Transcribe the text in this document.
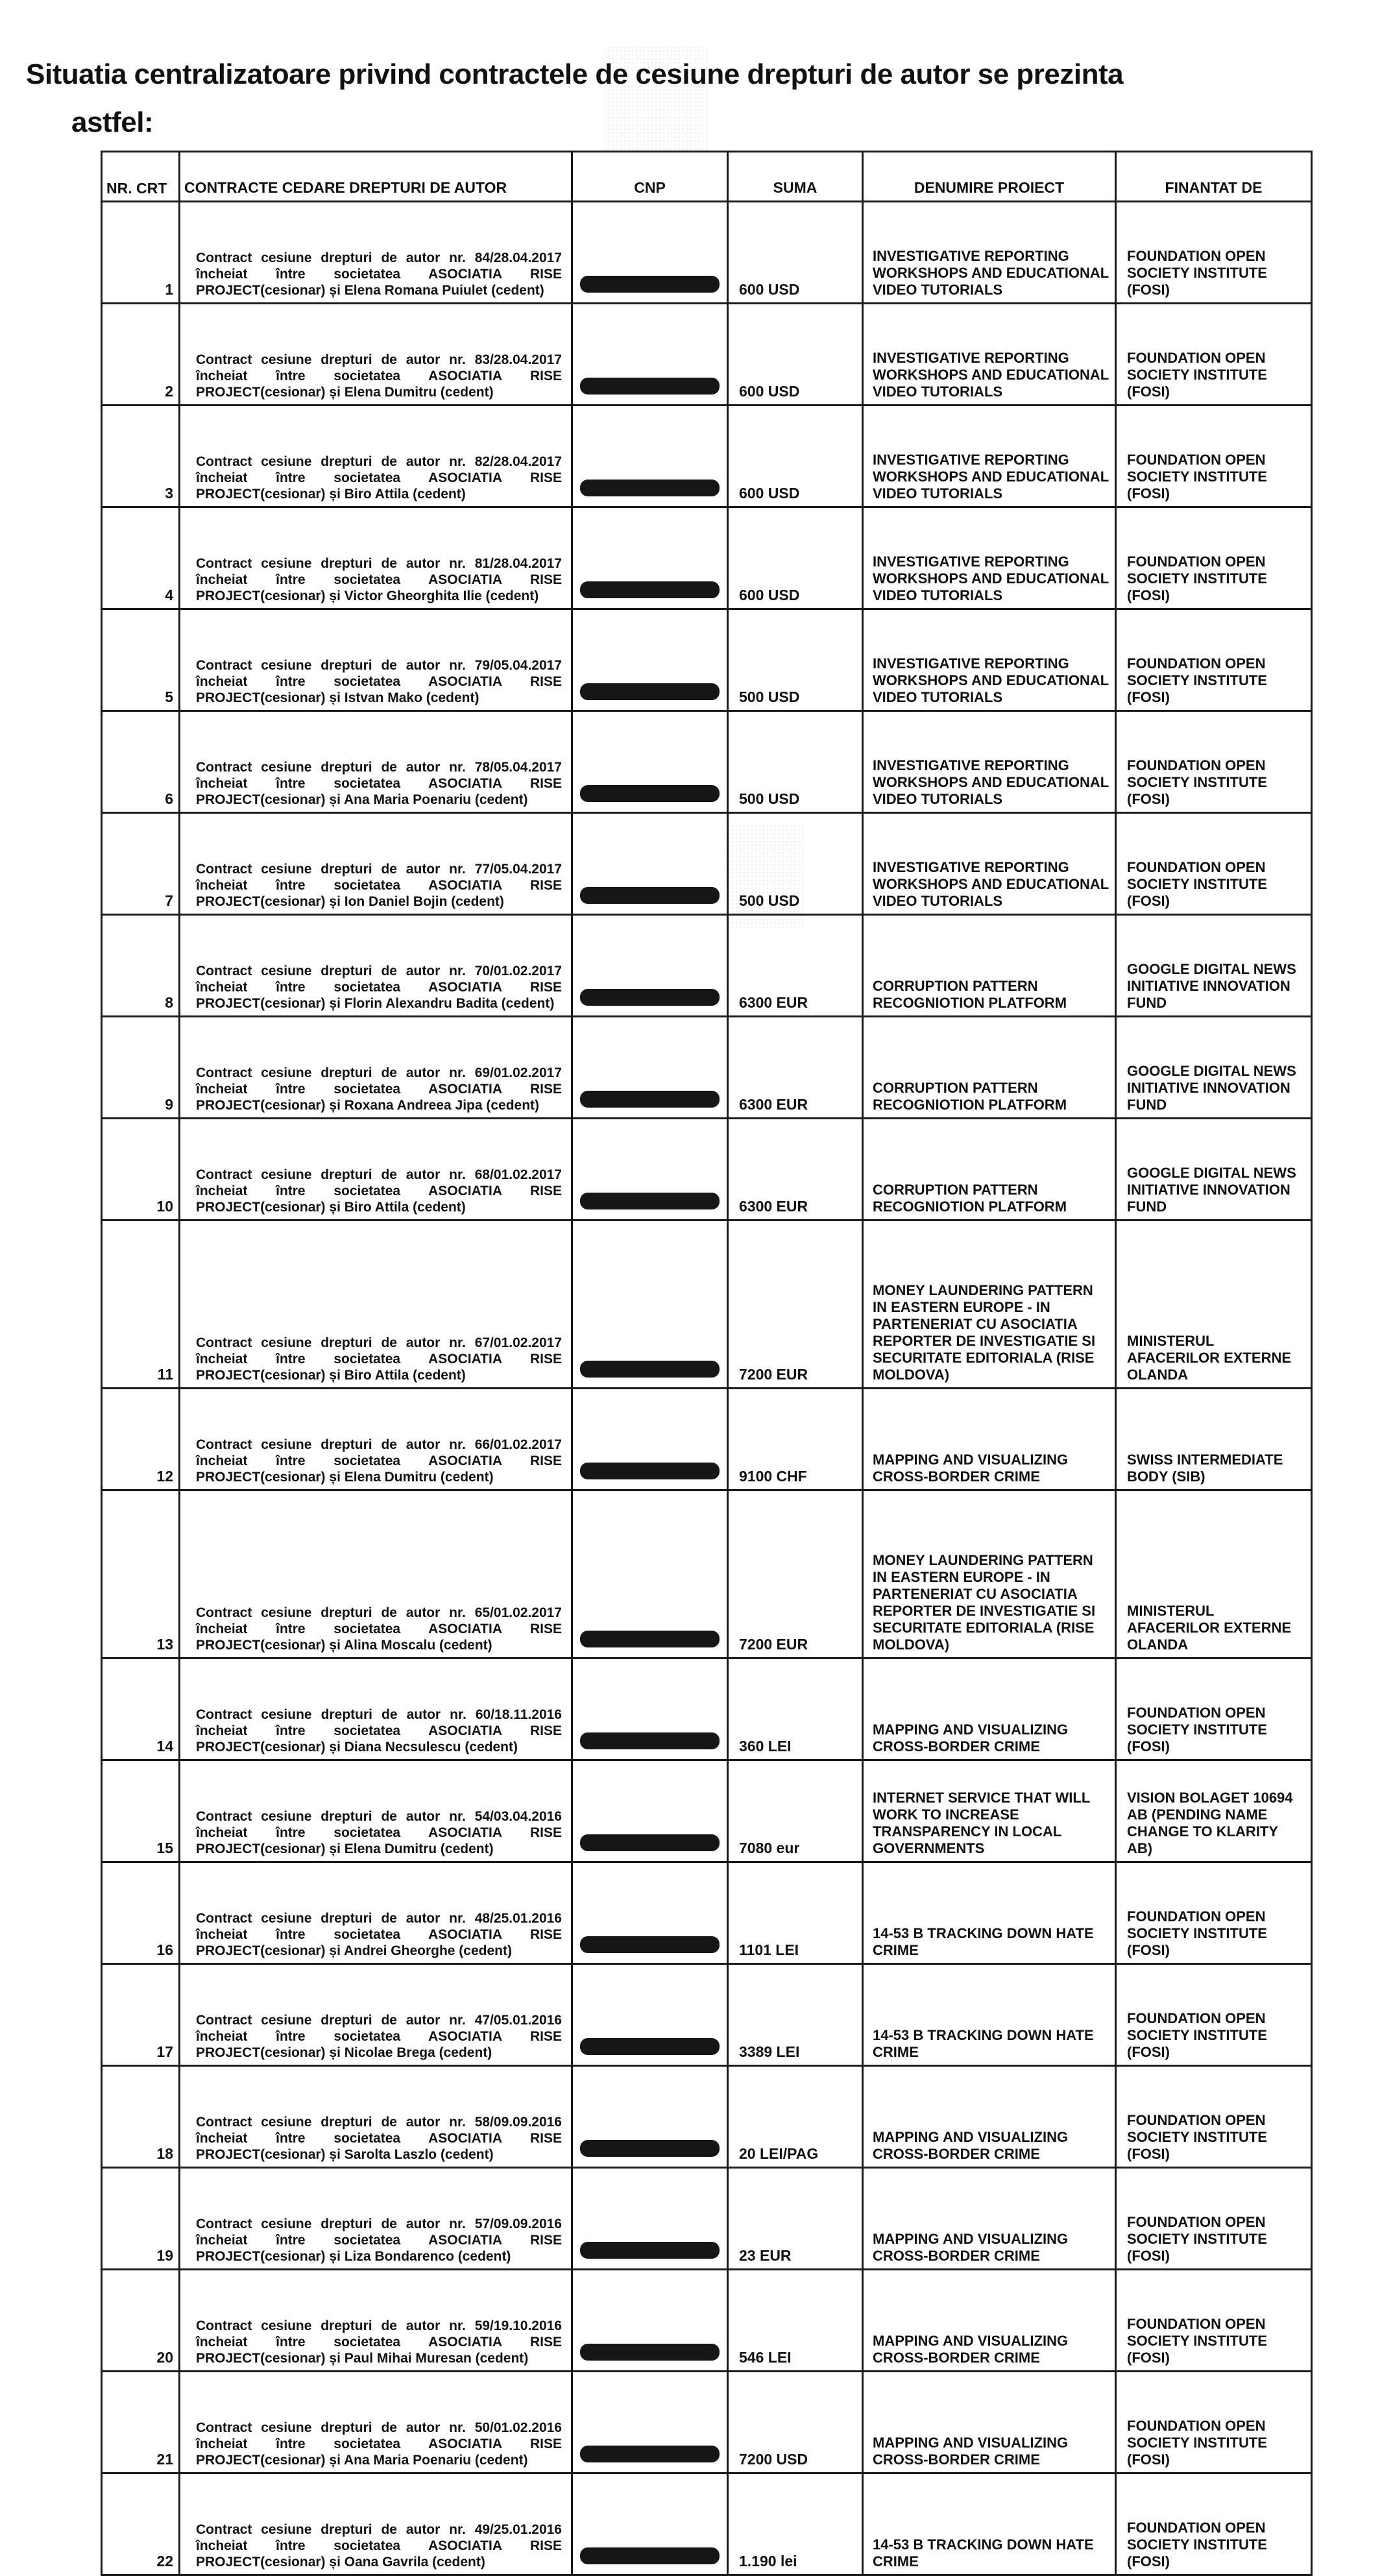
Situatia centralizatoare privind contractele de cesiune drepturi de autor se prezinta
astfel:
NR. CRT	CONTRACTE CEDARE DREPTURI DE AUTOR	CNP	SUMA	DENUMIRE PROIECT	FINANTAT DE
1	Contract cesiune drepturi de autor nr. 84/28.04.2017 încheiat între societatea ASOCIATIA RISE PROJECT(cesionar) și Elena Romana Puiulet (cedent)		600 USD	INVESTIGATIVE REPORTING WORKSHOPS AND EDUCATIONAL VIDEO TUTORIALS	FOUNDATION OPEN SOCIETY INSTITUTE (FOSI)
2	Contract cesiune drepturi de autor nr. 83/28.04.2017 încheiat între societatea ASOCIATIA RISE PROJECT(cesionar) și Elena Dumitru (cedent)		600 USD	INVESTIGATIVE REPORTING WORKSHOPS AND EDUCATIONAL VIDEO TUTORIALS	FOUNDATION OPEN SOCIETY INSTITUTE (FOSI)
3	Contract cesiune drepturi de autor nr. 82/28.04.2017 încheiat între societatea ASOCIATIA RISE PROJECT(cesionar) și Biro Attila (cedent)		600 USD	INVESTIGATIVE REPORTING WORKSHOPS AND EDUCATIONAL VIDEO TUTORIALS	FOUNDATION OPEN SOCIETY INSTITUTE (FOSI)
4	Contract cesiune drepturi de autor nr. 81/28.04.2017 încheiat între societatea ASOCIATIA RISE PROJECT(cesionar) și Victor Gheorghita Ilie (cedent)		600 USD	INVESTIGATIVE REPORTING WORKSHOPS AND EDUCATIONAL VIDEO TUTORIALS	FOUNDATION OPEN SOCIETY INSTITUTE (FOSI)
5	Contract cesiune drepturi de autor nr. 79/05.04.2017 încheiat între societatea ASOCIATIA RISE PROJECT(cesionar) și Istvan Mako (cedent)		500 USD	INVESTIGATIVE REPORTING WORKSHOPS AND EDUCATIONAL VIDEO TUTORIALS	FOUNDATION OPEN SOCIETY INSTITUTE (FOSI)
6	Contract cesiune drepturi de autor nr. 78/05.04.2017 încheiat între societatea ASOCIATIA RISE PROJECT(cesionar) și Ana Maria Poenariu (cedent)		500 USD	INVESTIGATIVE REPORTING WORKSHOPS AND EDUCATIONAL VIDEO TUTORIALS	FOUNDATION OPEN SOCIETY INSTITUTE (FOSI)
7	Contract cesiune drepturi de autor nr. 77/05.04.2017 încheiat între societatea ASOCIATIA RISE PROJECT(cesionar) și Ion Daniel Bojin (cedent)		500 USD	INVESTIGATIVE REPORTING WORKSHOPS AND EDUCATIONAL VIDEO TUTORIALS	FOUNDATION OPEN SOCIETY INSTITUTE (FOSI)
8	Contract cesiune drepturi de autor nr. 70/01.02.2017 încheiat între societatea ASOCIATIA RISE PROJECT(cesionar) și Florin Alexandru Badita (cedent)		6300 EUR	CORRUPTION PATTERN RECOGNIOTION PLATFORM	GOOGLE DIGITAL NEWS INITIATIVE INNOVATION FUND
9	Contract cesiune drepturi de autor nr. 69/01.02.2017 încheiat între societatea ASOCIATIA RISE PROJECT(cesionar) și Roxana Andreea Jipa (cedent)		6300 EUR	CORRUPTION PATTERN RECOGNIOTION PLATFORM	GOOGLE DIGITAL NEWS INITIATIVE INNOVATION FUND
10	Contract cesiune drepturi de autor nr. 68/01.02.2017 încheiat între societatea ASOCIATIA RISE PROJECT(cesionar) și Biro Attila (cedent)		6300 EUR	CORRUPTION PATTERN RECOGNIOTION PLATFORM	GOOGLE DIGITAL NEWS INITIATIVE INNOVATION FUND
11	Contract cesiune drepturi de autor nr. 67/01.02.2017 încheiat între societatea ASOCIATIA RISE PROJECT(cesionar) și Biro Attila (cedent)		7200 EUR	MONEY LAUNDERING PATTERN IN EASTERN EUROPE - IN PARTENERIAT CU ASOCIATIA REPORTER DE INVESTIGATIE SI SECURITATE EDITORIALA (RISE MOLDOVA)	MINISTERUL AFACERILOR EXTERNE OLANDA
12	Contract cesiune drepturi de autor nr. 66/01.02.2017 încheiat între societatea ASOCIATIA RISE PROJECT(cesionar) și Elena Dumitru (cedent)		9100 CHF	MAPPING AND VISUALIZING CROSS-BORDER CRIME	SWISS INTERMEDIATE BODY (SIB)
13	Contract cesiune drepturi de autor nr. 65/01.02.2017 încheiat între societatea ASOCIATIA RISE PROJECT(cesionar) și Alina Moscalu (cedent)		7200 EUR	MONEY LAUNDERING PATTERN IN EASTERN EUROPE - IN PARTENERIAT CU ASOCIATIA REPORTER DE INVESTIGATIE SI SECURITATE EDITORIALA (RISE MOLDOVA)	MINISTERUL AFACERILOR EXTERNE OLANDA
14	Contract cesiune drepturi de autor nr. 60/18.11.2016 încheiat între societatea ASOCIATIA RISE PROJECT(cesionar) și Diana Necsulescu (cedent)		360 LEI	MAPPING AND VISUALIZING CROSS-BORDER CRIME	FOUNDATION OPEN SOCIETY INSTITUTE (FOSI)
15	Contract cesiune drepturi de autor nr. 54/03.04.2016 încheiat între societatea ASOCIATIA RISE PROJECT(cesionar) și Elena Dumitru (cedent)		7080 eur	INTERNET SERVICE THAT WILL WORK TO INCREASE TRANSPARENCY IN LOCAL GOVERNMENTS	VISION BOLAGET 10694 AB (PENDING NAME CHANGE TO KLARITY AB)
16	Contract cesiune drepturi de autor nr. 48/25.01.2016 încheiat între societatea ASOCIATIA RISE PROJECT(cesionar) și Andrei Gheorghe (cedent)		1101 LEI	14-53 B TRACKING DOWN HATE CRIME	FOUNDATION OPEN SOCIETY INSTITUTE (FOSI)
17	Contract cesiune drepturi de autor nr. 47/05.01.2016 încheiat între societatea ASOCIATIA RISE PROJECT(cesionar) și Nicolae Brega (cedent)		3389 LEI	14-53 B TRACKING DOWN HATE CRIME	FOUNDATION OPEN SOCIETY INSTITUTE (FOSI)
18	Contract cesiune drepturi de autor nr. 58/09.09.2016 încheiat între societatea ASOCIATIA RISE PROJECT(cesionar) și Sarolta Laszlo (cedent)		20 LEI/PAG	MAPPING AND VISUALIZING CROSS-BORDER CRIME	FOUNDATION OPEN SOCIETY INSTITUTE (FOSI)
19	Contract cesiune drepturi de autor nr. 57/09.09.2016 încheiat între societatea ASOCIATIA RISE PROJECT(cesionar) și Liza Bondarenco (cedent)		23 EUR	MAPPING AND VISUALIZING CROSS-BORDER CRIME	FOUNDATION OPEN SOCIETY INSTITUTE (FOSI)
20	Contract cesiune drepturi de autor nr. 59/19.10.2016 încheiat între societatea ASOCIATIA RISE PROJECT(cesionar) și Paul Mihai Muresan (cedent)		546 LEI	MAPPING AND VISUALIZING CROSS-BORDER CRIME	FOUNDATION OPEN SOCIETY INSTITUTE (FOSI)
21	Contract cesiune drepturi de autor nr. 50/01.02.2016 încheiat între societatea ASOCIATIA RISE PROJECT(cesionar) și Ana Maria Poenariu (cedent)		7200 USD	MAPPING AND VISUALIZING CROSS-BORDER CRIME	FOUNDATION OPEN SOCIETY INSTITUTE (FOSI)
22	Contract cesiune drepturi de autor nr. 49/25.01.2016 încheiat între societatea ASOCIATIA RISE PROJECT(cesionar) și Oana Gavrila (cedent)		1.190 lei	14-53 B TRACKING DOWN HATE CRIME	FOUNDATION OPEN SOCIETY INSTITUTE (FOSI)
